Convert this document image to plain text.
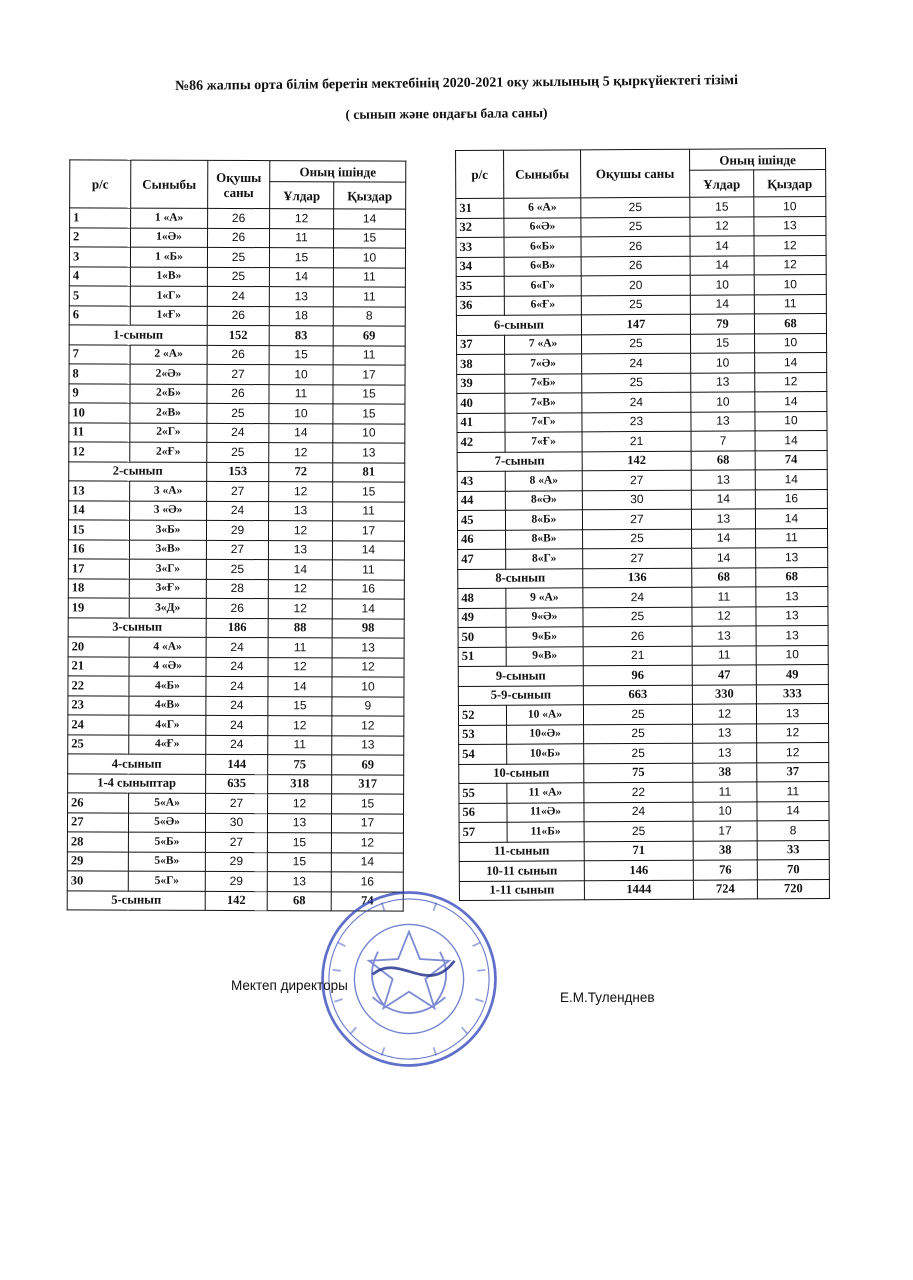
№86 жалпы орта білім беретін мектебінің 2020-2021 оку жылының 5 қыркүйектегі тізімі
( сынып және ондағы бала саны)
р/с	Сыныбы	Оқушы саны	Оның ішінде	
			Ұлдар	Қыздар
1	1 «А»	26	12	14
2	1«Ә»	26	11	15
3	1 «Б»	25	15	10
4	1«В»	25	14	11
5	1«Г»	24	13	11
6	1«Ғ»	26	18	8
1-сынып		152	83	69
7	2 «А»	26	15	11
8	2«Ә»	27	10	17
9	2«Б»	26	11	15
10	2«В»	25	10	15
11	2«Г»	24	14	10
12	2«Ғ»	25	12	13
2-сынып		153	72	81
13	3 «А»	27	12	15
14	3 «Ә»	24	13	11
15	3«Б»	29	12	17
16	3«В»	27	13	14
17	3«Г»	25	14	11
18	3«Ғ»	28	12	16
19	3«Д»	26	12	14
3-сынып		186	88	98
20	4 «А»	24	11	13
21	4 «Ә»	24	12	12
22	4«Б»	24	14	10
23	4«В»	24	15	9
24	4«Г»	24	12	12
25	4«Ғ»	24	11	13
4-сынып		144	75	69
1-4 сыныптар		635	318	317
26	5«А»	27	12	15
27	5«Ә»	30	13	17
28	5«Б»	27	15	12
29	5«В»	29	15	14
30	5«Г»	29	13	16
5-сынып		142	68	74
р/с	Сыныбы	Оқушы саны	Оның ішінде	
			Ұлдар	Қыздар
31	6 «А»	25	15	10
32	6«Ә»	25	12	13
33	6«Б»	26	14	12
34	6«В»	26	14	12
35	6«Г»	20	10	10
36	6«Ғ»	25	14	11
6-сынып		147	79	68
37	7 «А»	25	15	10
38	7«Ә»	24	10	14
39	7«Б»	25	13	12
40	7«В»	24	10	14
41	7«Г»	23	13	10
42	7«Ғ»	21	7	14
7-сынып		142	68	74
43	8 «А»	27	13	14
44	8«Ә»	30	14	16
45	8«Б»	27	13	14
46	8«В»	25	14	11
47	8«Г»	27	14	13
8-сынып		136	68	68
48	9 «А»	24	11	13
49	9«Ә»	25	12	13
50	9«Б»	26	13	13
51	9«В»	21	11	10
9-сынып		96	47	49
5-9-сынып		663	330	333
52	10 «А»	25	12	13
53	10«Ә»	25	13	12
54	10«Б»	25	13	12
10-сынып		75	38	37
55	11 «А»	22	11	11
56	11«Ә»	24	10	14
57	11«Б»	25	17	8
11-сынып		71	38	33
10-11 сынып		146	76	70
1-11 сынып		1444	724	720
Мектеп директоры
Е.М.Туленднев
